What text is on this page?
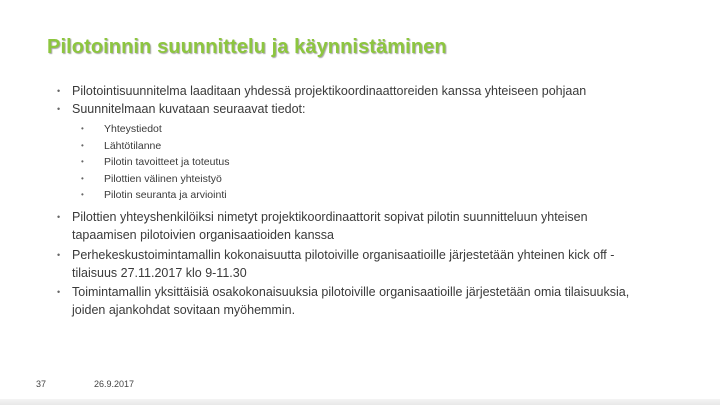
Pilotoinnin suunnittelu ja käynnistäminen
• Pilotointisuunnitelma laaditaan yhdessä projektikoordinaattoreiden kanssa yhteiseen pohjaan
• Suunnitelmaan kuvataan seuraavat tiedot:
• Yhteystiedot
• Lähtötilanne
• Pilotin tavoitteet ja toteutus
• Pilottien välinen yhteistyö
• Pilotin seuranta ja arviointi
• Pilottien yhteyshenkilöiksi nimetyt projektikoordinaattorit sopivat pilotin suunnitteluun yhteisen tapaamisen pilotoivien organisaatioiden kanssa
• Perhekeskustoimintamallin kokonaisuutta pilotoiville organisaatioille järjestetään yhteinen kick off -tilaisuus 27.11.2017 klo 9-11.30
• Toimintamallin yksittäisiä osakokonaisuuksia pilotoiville organisaatioille järjestetään omia tilaisuuksia, joiden ajankohdat sovitaan myöhemmin.
37	26.9.2017
